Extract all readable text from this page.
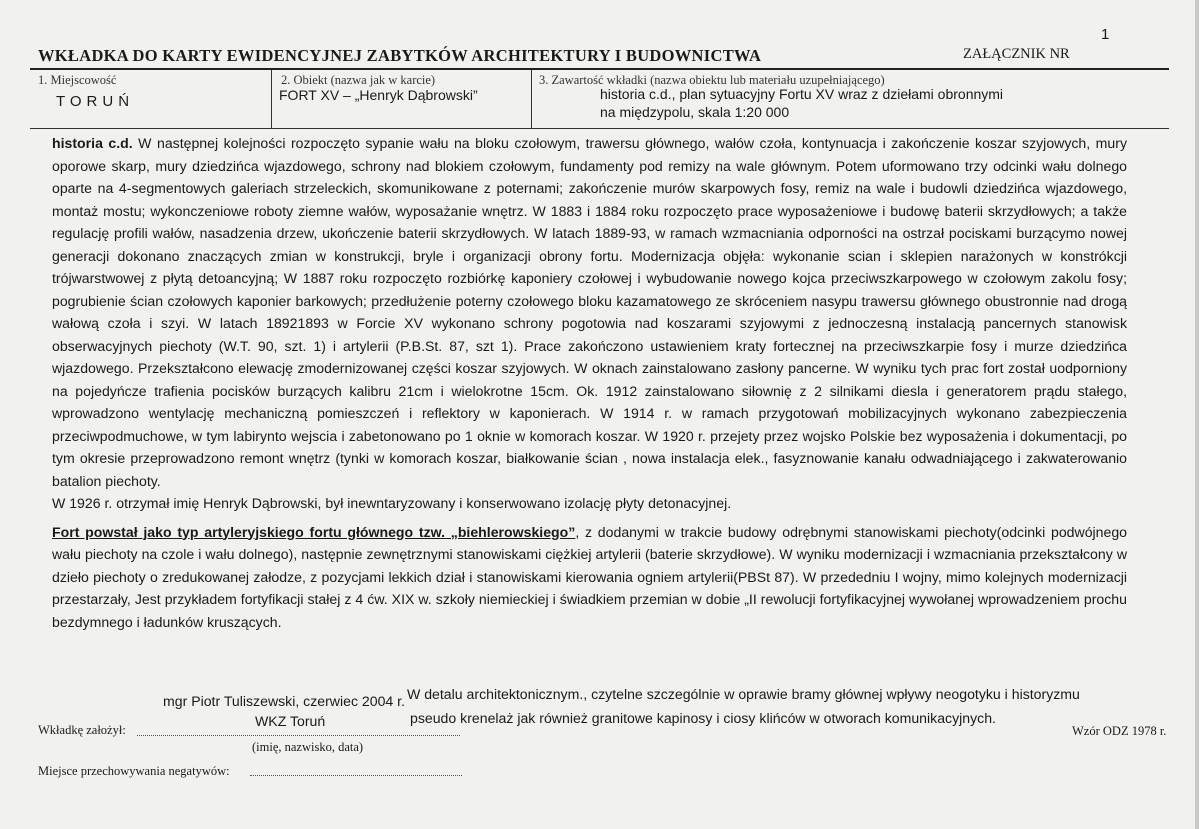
1
WKŁADKA DO KARTY EWIDENCYJNEJ ZABYTKÓW ARCHITEKTURY I BUDOWNICTWA	ZAŁĄCZNIK NR
1. Miejscowość
TORUŃ
2. Obiekt (nazwa jak w karcie)
FORT XV – „Henryk Dąbrowski”
3. Zawartość wkładki (nazwa obiektu lub materiału uzupełniającego)
historia c.d., plan sytuacyjny Fortu XV wraz z dziełami obronnymi
na międzypolu, skala 1:20 000

historia c.d. W następnej kolejności rozpoczęto sypanie wału na bloku czołowym, trawersu głównego, wałów czoła, kontynuacja i zakończenie koszar szyjowych, mury oporowe skarp, mury dziedzińca wjazdowego, schrony nad blokiem czołowym, fundamenty pod remizy na wale głównym. Potem uformowano trzy odcinki wału dolnego oparte na 4-segmentowych galeriach strzeleckich, skomunikowane z poternami; zakończenie murów skarpowych fosy, remiz na wale i budowli dziedzińca wjazdowego, montaż mostu; wykonczeniowe roboty ziemne wałów, wyposażanie wnętrz. W 1883 i 1884 roku rozpoczęto prace wyposażeniowe i budowę baterii skrzydłowych; a także regulację profili wałów, nasadzenia drzew, ukończenie baterii skrzydłowych. W latach 1889-93, w ramach wzmacniania odporności na ostrzał pociskami burzącymo nowej generacji dokonano znaczących zmian w konstrukcji, bryle i organizacji obrony fortu. Modernizacja objęła: wykonanie scian i sklepien narażonych w konstrókcji trójwarstwowej z płytą detoancyjną; W 1887 roku rozpoczęto rozbiórkę kaponiery czołowej i wybudowanie nowego kojca przeciwszkarpowego w czołowym zakolu fosy; pogrubienie ścian czołowych kaponier barkowych; przedłużenie poterny czołowego bloku kazamatowego ze skróceniem nasypu trawersu głównego obustronnie nad drogą wałową czoła i szyi. W latach 18921893 w Forcie XV wykonano schrony pogotowia nad koszarami szyjowymi z jednoczesną instalacją pancernych stanowisk obserwacyjnych piechoty (W.T. 90, szt. 1) i artylerii (P.B.St. 87, szt 1). Prace zakończono ustawieniem kraty fortecznej na przeciwszkarpie fosy i murze dziedzińca wjazdowego. Przekształcono elewację zmodernizowanej części koszar szyjowych. W oknach zainstalowano zasłony pancerne. W wyniku tych prac fort został uodporniony na pojedyńcze trafienia pocisków burzących kalibru 21cm i wielokrotne 15cm. Ok. 1912 zainstalowano siłownię z 2 silnikami diesla i generatorem prądu stałego, wprowadzono wentylację mechaniczną pomieszczeń i reflektory w kaponierach. W 1914 r. w ramach przygotowań mobilizacyjnych wykonano zabezpieczenia przeciwpodmuchowe, w tym labirynto wejscia i zabetonowano po 1 oknie w komorach koszar. W 1920 r. przejety przez wojsko Polskie bez wyposażenia i dokumentacji, po tym okresie przeprowadzono remont wnętrz (tynki w komorach koszar, białkowanie ścian , nowa instalacja elek., fasyznowanie kanału odwadniającego i zakwaterowanio batalion piechoty.

W 1926 r. otrzymał imię Henryk Dąbrowski, był inewntaryzowany i konserwowano izolację płyty detonacyjnej.

Fort powstał jako typ artyleryjskiego fortu głównego tzw. „biehlerowskiego”, z dodanymi w trakcie budowy odrębnymi stanowiskami piechoty(odcinki podwójnego wału piechoty na czole i wału dolnego), następnie zewnętrznymi stanowiskami ciężkiej artylerii (baterie skrzydłowe). W wyniku modernizacji i wzmacniania przekształcony w dzieło piechoty o zredukowanej załodze, z pozycjami lekkich dział i stanowiskami kierowania ogniem artylerii(PBSt 87). W przededniu I wojny, mimo kolejnych modernizacji przestarzały, Jest przykładem fortyfikacji stałej z 4 ćw. XIX w. szkoły niemieckiej i świadkiem przemian w dobie „II rewolucji fortyfikacyjnej wywołanej wprowadzeniem prochu bezdymnego i ładunków kruszących.

mgr Piotr Tuliszewski, czerwiec 2004 r. W detalu architektonicznym., czytelne szczególnie w oprawie bramy głównej wpływy neogotyku i historyzmu
pseudo krenelaż jak również granitowe kapinosy i ciosy klińców w otworach komunikacyjnych.
Wkładkę założył:
WKZ Toruń
(imię, nazwisko, data)
Wzór ODZ 1978 r.
Miejsce przechowywania negatywów:
